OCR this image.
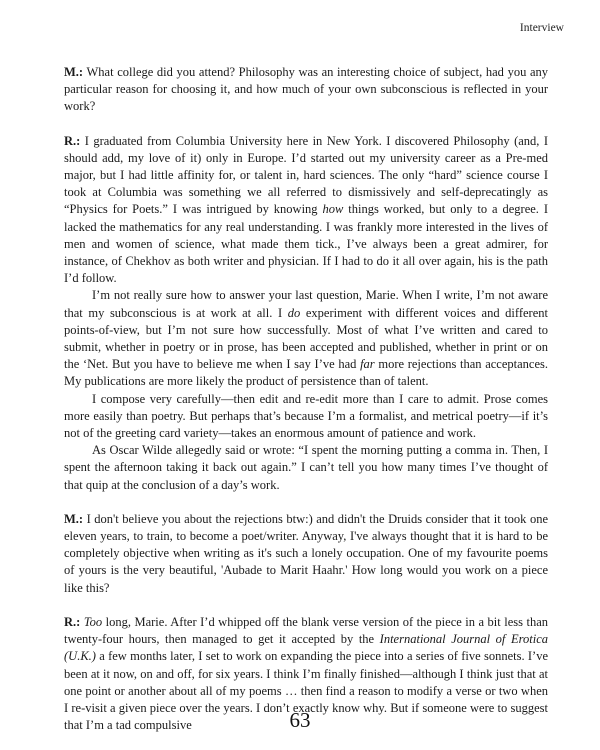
Interview

M.: What college did you attend? Philosophy was an interesting choice of subject, had you any particular reason for choosing it, and how much of your own subconscious is reflected in your work?

R.: I graduated from Columbia University here in New York. I discovered Philosophy (and, I should add, my love of it) only in Europe. I’d started out my university career as a Pre-med major, but I had little affinity for, or talent in, hard sciences. The only “hard” science course I took at Columbia was something we all referred to dismissively and self-deprecatingly as “Physics for Poets.” I was intrigued by knowing how things worked, but only to a degree. I lacked the mathematics for any real understanding. I was frankly more interested in the lives of men and women of science, what made them tick., I’ve always been a great admirer, for instance, of Chekhov as both writer and physician. If I had to do it all over again, his is the path I’d follow.

I’m not really sure how to answer your last question, Marie. When I write, I’m not aware that my subconscious is at work at all. I do experiment with different voices and different points-of-view, but I’m not sure how successfully. Most of what I’ve written and cared to submit, whether in poetry or in prose, has been accepted and published, whether in print or on the ‘Net. But you have to believe me when I say I’ve had far more rejections than acceptances. My publications are more likely the product of persistence than of talent.

I compose very carefully—then edit and re-edit more than I care to admit. Prose comes more easily than poetry. But perhaps that’s because I’m a formalist, and metrical poetry—if it’s not of the greeting card variety—takes an enormous amount of patience and work.

As Oscar Wilde allegedly said or wrote: “I spent the morning putting a comma in. Then, I spent the afternoon taking it back out again.” I can’t tell you how many times I’ve thought of that quip at the conclusion of a day’s work.

M.: I don't believe you about the rejections btw:) and didn't the Druids consider that it took one eleven years, to train, to become a poet/writer. Anyway, I've always thought that it is hard to be completely objective when writing as it's such a lonely occupation. One of my favourite poems of yours is the very beautiful, 'Aubade to Marit Haahr.' How long would you work on a piece like this?

R.: Too long, Marie. After I’d whipped off the blank verse version of the piece in a bit less than twenty-four hours, then managed to get it accepted by the International Journal of Erotica (U.K.) a few months later, I set to work on expanding the piece into a series of five sonnets. I’ve been at it now, on and off, for six years. I think I’m finally finished—although I think just that at one point or another about all of my poems … then find a reason to modify a verse or two when I re-visit a given piece over the years. I don’t exactly know why. But if someone were to suggest that I’m a tad compulsive	63
